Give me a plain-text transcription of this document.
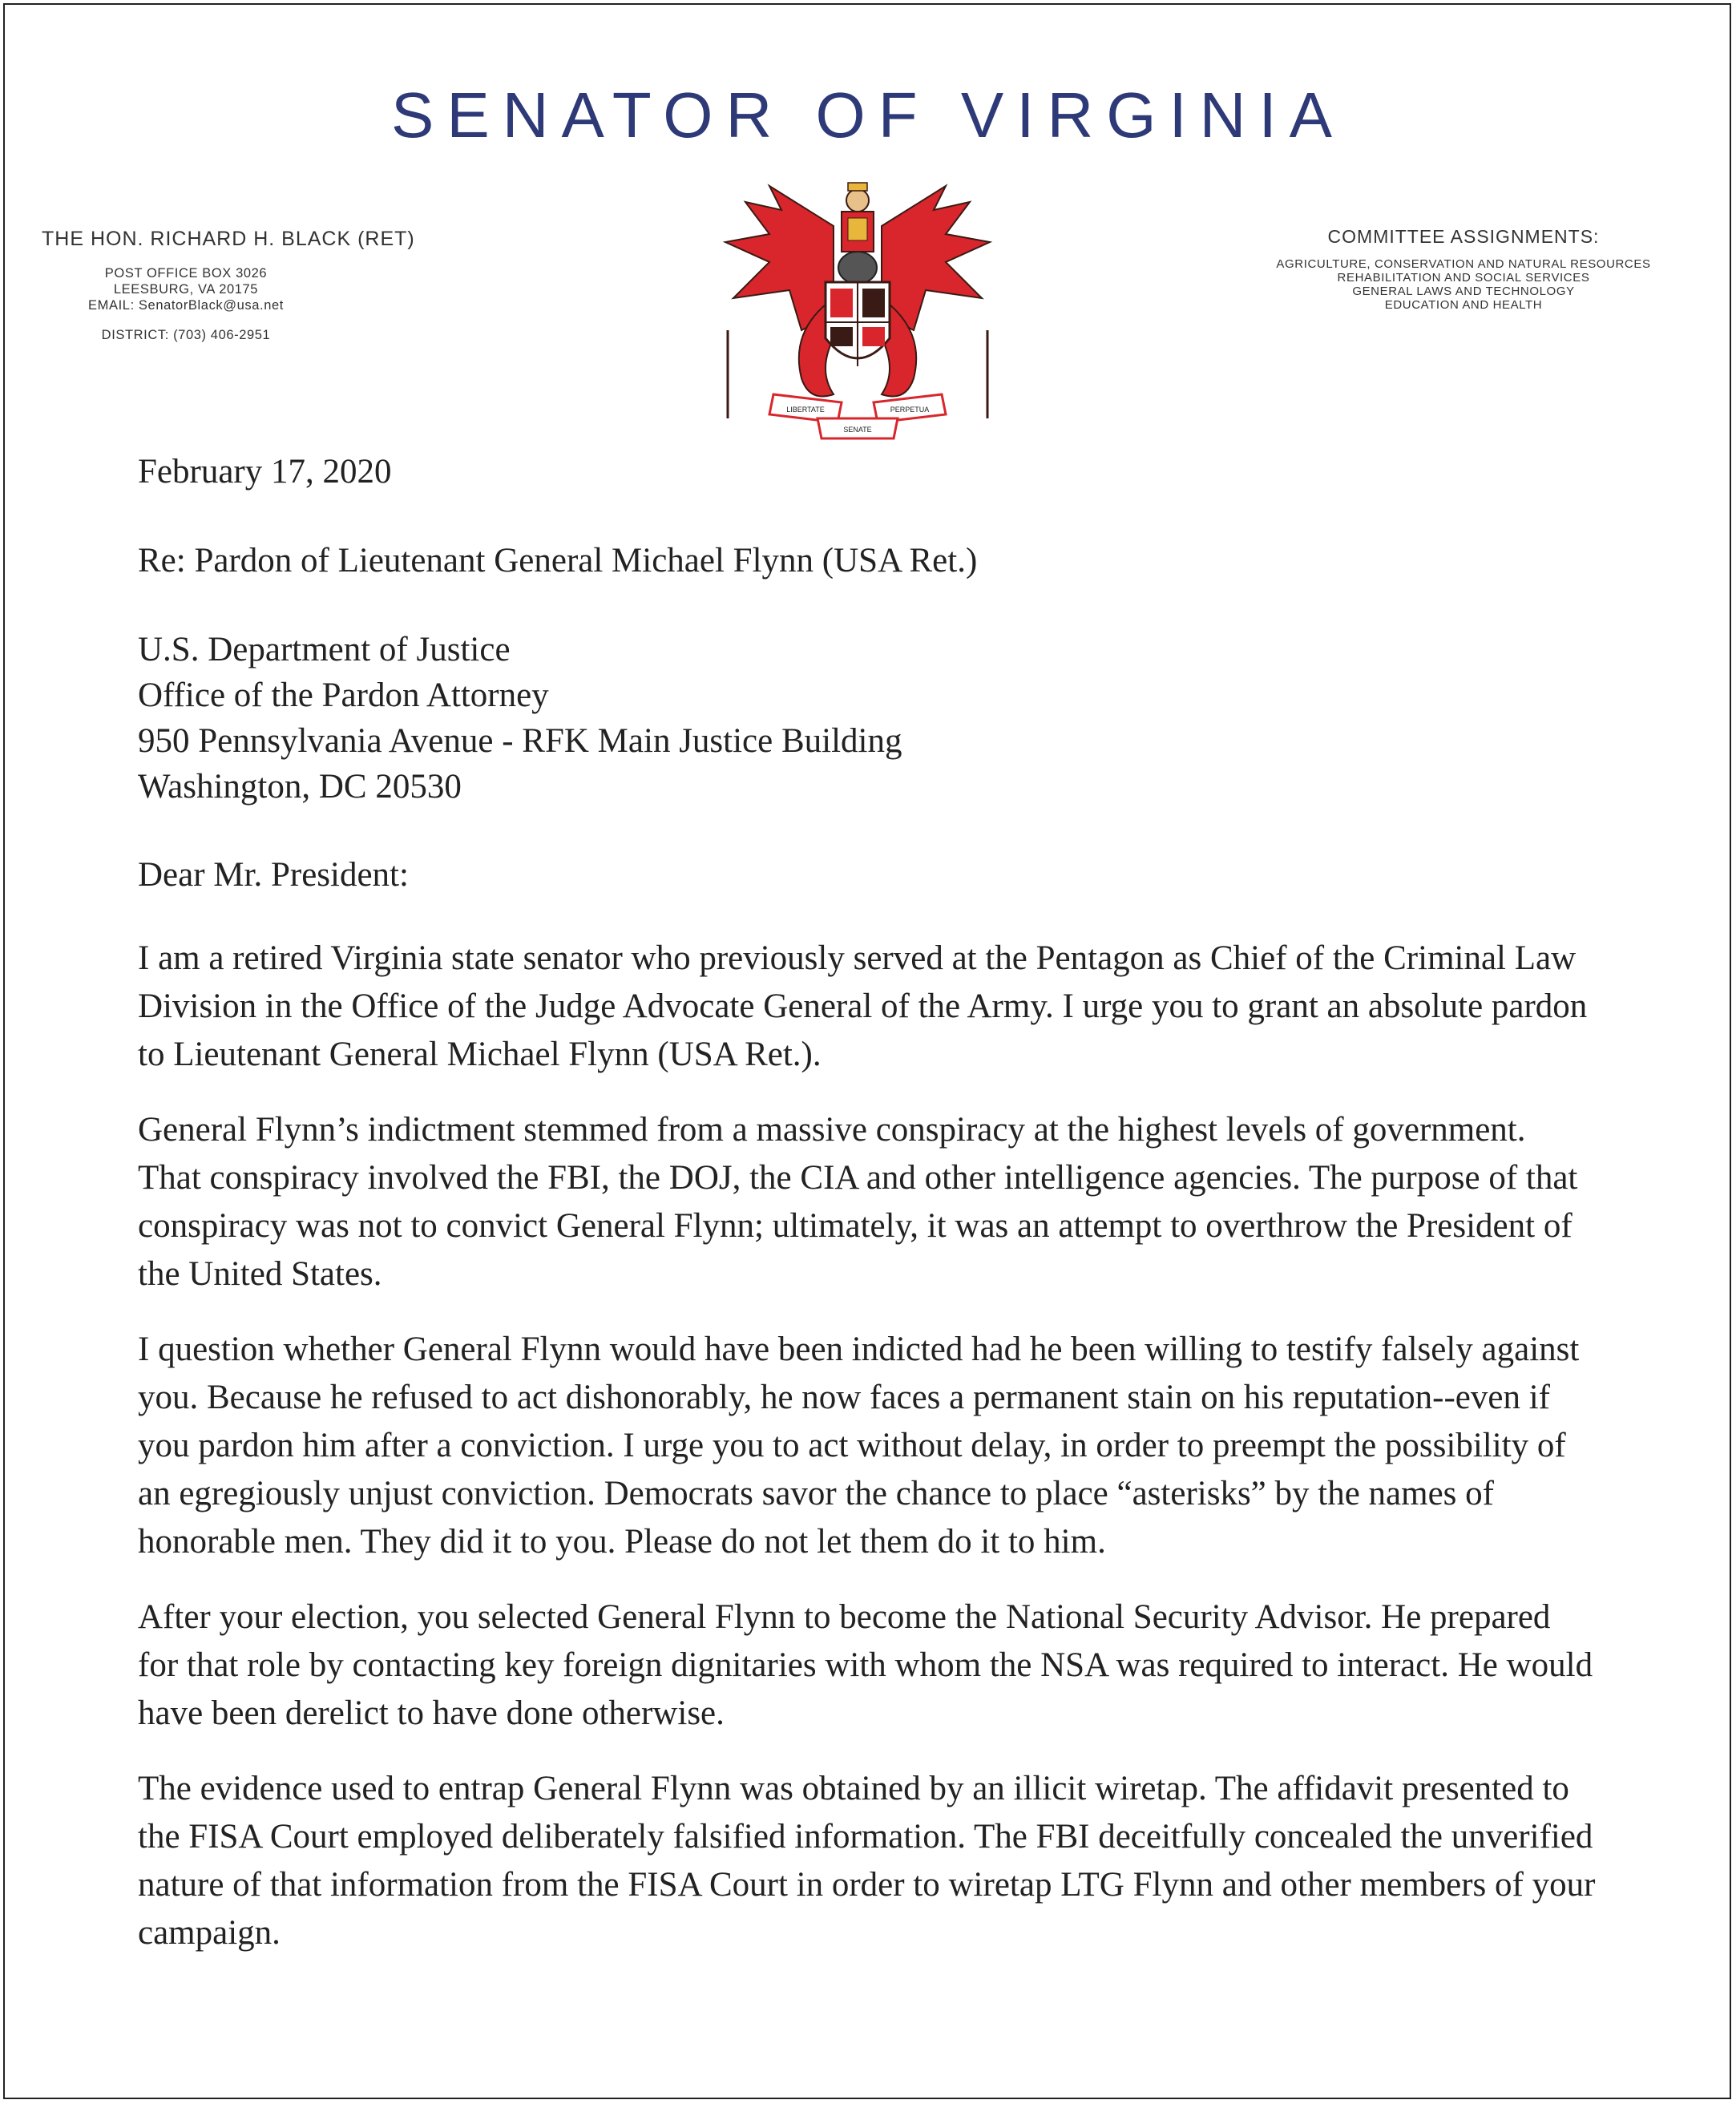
SENATOR OF VIRGINIA
THE HON. RICHARD H. BLACK (RET)
POST OFFICE BOX 3026
LEESBURG, VA 20175
EMAIL: SenatorBlack@usa.net
DISTRICT: (703) 406-2951
COMMITTEE ASSIGNMENTS:
AGRICULTURE, CONSERVATION AND NATURAL RESOURCES
REHABILITATION AND SOCIAL SERVICES
GENERAL LAWS AND TECHNOLOGY
EDUCATION AND HEALTH
LIBERTATE	PERPETUA
SENATE

February 17, 2020

Re: Pardon of Lieutenant General Michael Flynn (USA Ret.)

U.S. Department of Justice

Office of the Pardon Attorney

950 Pennsylvania Avenue - RFK Main Justice Building

Washington, DC 20530

Dear Mr. President:

I am a retired Virginia state senator who previously served at the Pentagon as Chief of the Criminal Law Division in the Office of the Judge Advocate General of the Army. I urge you to grant an absolute pardon to Lieutenant General Michael Flynn (USA Ret.).

General Flynn’s indictment stemmed from a massive conspiracy at the highest levels of government. That conspiracy involved the FBI, the DOJ, the CIA and other intelligence agencies. The purpose of that conspiracy was not to convict General Flynn; ultimately, it was an attempt to overthrow the President of the United States.

I question whether General Flynn would have been indicted had he been willing to testify falsely against you. Because he refused to act dishonorably, he now faces a permanent stain on his reputation--even if you pardon him after a conviction. I urge you to act without delay, in order to preempt the possibility of an egregiously unjust conviction. Democrats savor the chance to place “asterisks” by the names of honorable men. They did it to you. Please do not let them do it to him.

After your election, you selected General Flynn to become the National Security Advisor. He prepared for that role by contacting key foreign dignitaries with whom the NSA was required to interact. He would have been derelict to have done otherwise.

The evidence used to entrap General Flynn was obtained by an illicit wiretap. The affidavit presented to the FISA Court employed deliberately falsified information. The FBI deceitfully concealed the unverified nature of that information from the FISA Court in order to wiretap LTG Flynn and other members of your campaign.
